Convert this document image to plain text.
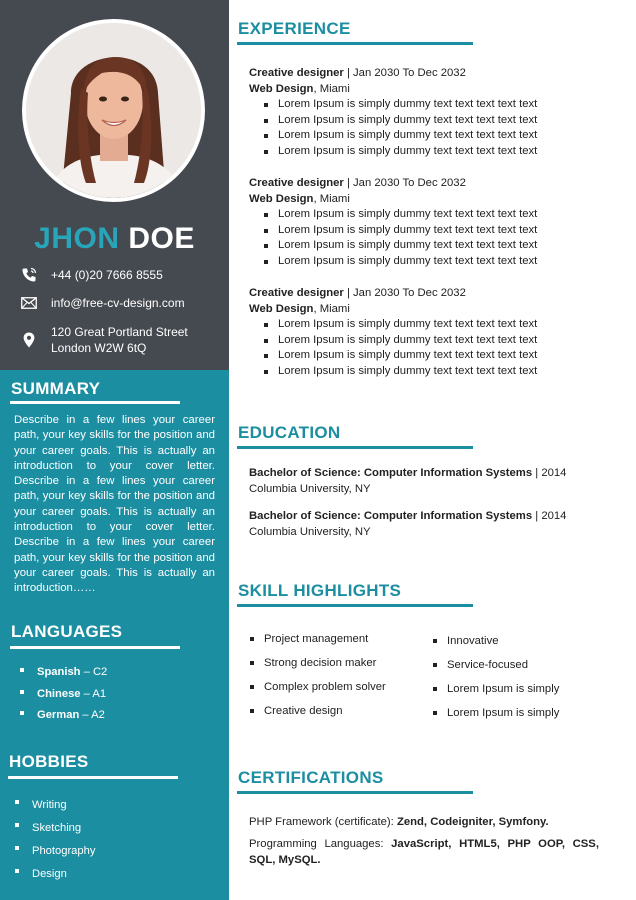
JHON DOE
+44 (0)20 7666 8555
info@free-cv-design.com
120 Great Portland Street
London W2W 6tQ
SUMMARY
Describe in a few lines your career path, your key skills for the position and your career goals. This is actually an introduction to your cover letter. Describe in a few lines your career path, your key skills for the position and your career goals. This is actually an introduction to your cover letter. Describe in a few lines your career path, your key skills for the position and your career goals. This is actually an introduction……
LANGUAGES
Spanish – C2
Chinese – A1
German – A2
HOBBIES
Writing
Sketching
Photography
Design
EXPERIENCE
Creative designer | Jan 2030 To Dec 2032
Web Design, Miami
Lorem Ipsum is simply dummy text text text text text
Lorem Ipsum is simply dummy text text text text text
Lorem Ipsum is simply dummy text text text text text
Lorem Ipsum is simply dummy text text text text text
Creative designer | Jan 2030 To Dec 2032
Web Design, Miami
Lorem Ipsum is simply dummy text text text text text
Lorem Ipsum is simply dummy text text text text text
Lorem Ipsum is simply dummy text text text text text
Lorem Ipsum is simply dummy text text text text text
Creative designer | Jan 2030 To Dec 2032
Web Design, Miami
Lorem Ipsum is simply dummy text text text text text
Lorem Ipsum is simply dummy text text text text text
Lorem Ipsum is simply dummy text text text text text
Lorem Ipsum is simply dummy text text text text text
EDUCATION
Bachelor of Science: Computer Information Systems | 2014
Columbia University, NY
Bachelor of Science: Computer Information Systems | 2014
Columbia University, NY
SKILL HIGHLIGHTS
Project management
Strong decision maker
Complex problem solver
Creative design
Innovative
Service-focused
Lorem Ipsum is simply
Lorem Ipsum is simply
CERTIFICATIONS
PHP Framework (certificate): Zend, Codeigniter, Symfony.
Programming Languages: JavaScript, HTML5, PHP OOP, CSS, SQL, MySQL.
